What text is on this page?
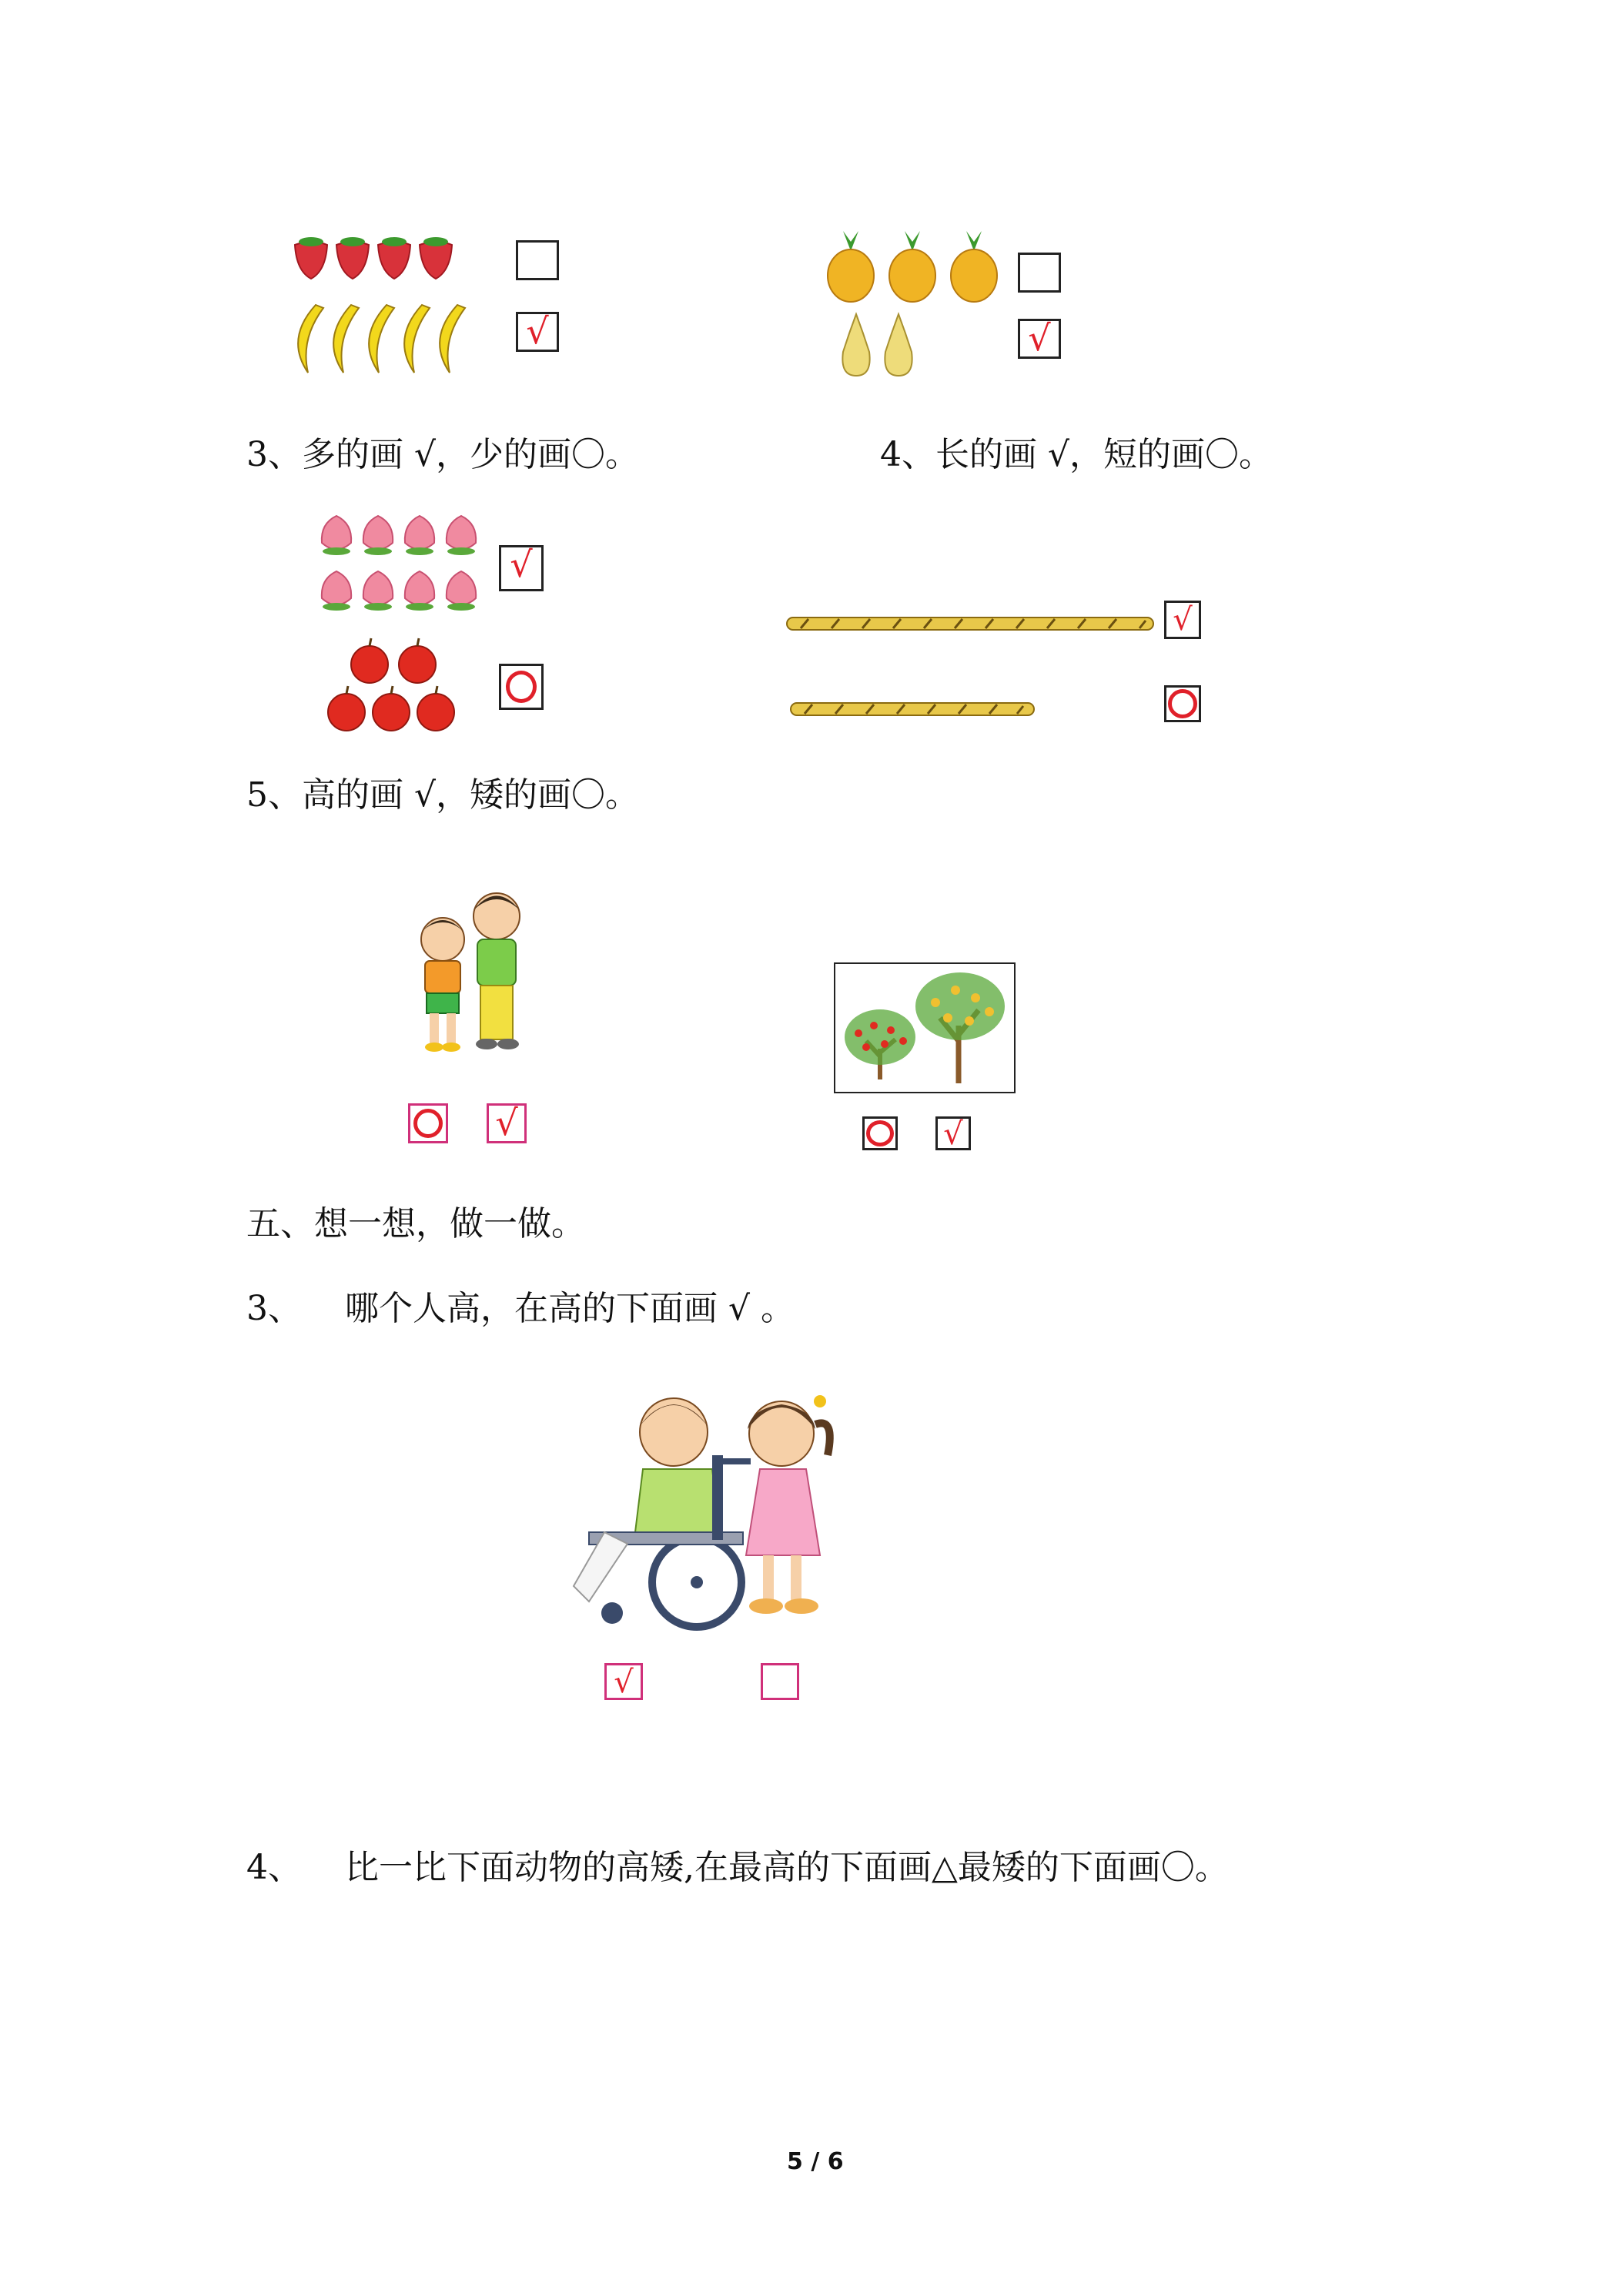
√	√
3、多的画 √，少的画〇。	4、长的画 √，短的画〇。
√
√
5、高的画 √，矮的画〇。
√	√
五、想一想，做一做。
3、 哪个人高，在高的下面画 √ 。
√
4、 比一比下面动物的高矮,在最高的下面画△最矮的下面画〇。
5 / 6
